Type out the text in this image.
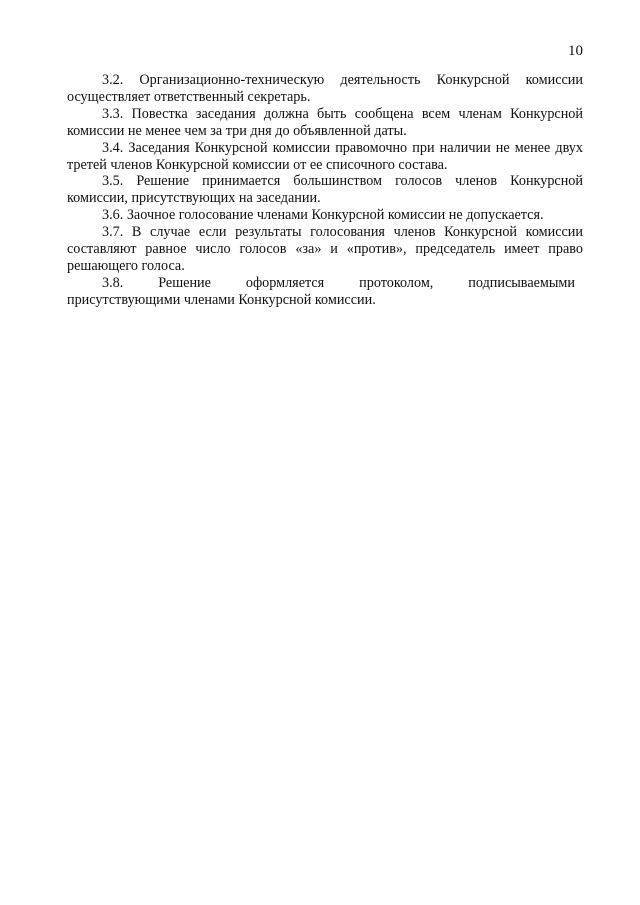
10

3.2. Организационно-техническую деятельность Конкурсной комиссии осуществляет ответственный секретарь.

3.3. Повестка заседания должна быть сообщена всем членам Конкурсной комиссии не менее чем за три дня до объявленной даты.

3.4. Заседания Конкурсной комиссии правомочно при наличии не менее двух третей членов Конкурсной комиссии от ее списочного состава.

3.5. Решение принимается большинством голосов членов Конкурсной комиссии, присутствующих на заседании.

3.6. Заочное голосование членами Конкурсной комиссии не допускается.

3.7. В случае если результаты голосования членов Конкурсной комиссии составляют равное число голосов «за» и «против», председатель имеет право решающего голоса.

3.8. Решение оформляется протоколом, подписываемыми
присутствующими членами Конкурсной комиссии.
